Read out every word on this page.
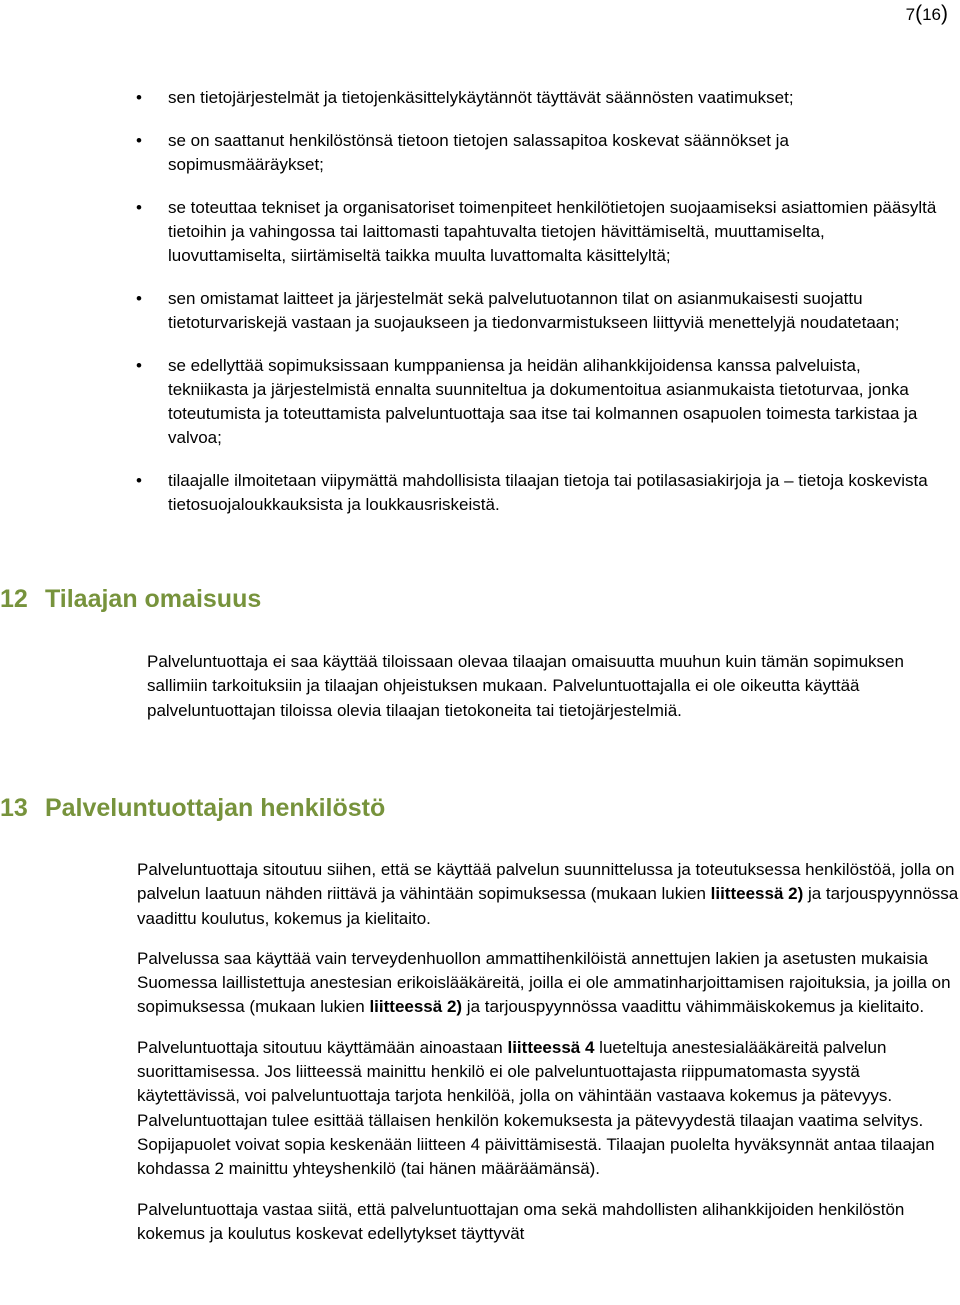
7(16)
• sen tietojärjestelmät ja tietojenkäsittelykäytännöt täyttävät säännösten vaatimukset;
• se on saattanut henkilöstönsä tietoon tietojen salassapitoa koskevat säännökset ja sopimusmääräykset;
• se toteuttaa tekniset ja organisatoriset toimenpiteet henkilötietojen suojaamiseksi asiattomien pääsyltä tietoihin ja vahingossa tai laittomasti tapahtuvalta tietojen hävittämiseltä, muuttamiselta, luovuttamiselta, siirtämiseltä taikka muulta luvattomalta käsittelyltä;
• sen omistamat laitteet ja järjestelmät sekä palvelutuotannon tilat on asianmukaisesti suojattu tietoturvariskejä vastaan ja suojaukseen ja tiedonvarmistukseen liittyviä menettelyjä noudatetaan;
• se edellyttää sopimuksissaan kumppaniensa ja heidän alihankkijoidensa kanssa palveluista, tekniikasta ja järjestelmistä ennalta suunniteltua ja dokumentoitua asianmukaista tietoturvaa, jonka toteutumista ja toteuttamista palveluntuottaja saa itse tai kolmannen osapuolen toimesta tarkistaa ja valvoa;
• tilaajalle ilmoitetaan viipymättä mahdollisista tilaajan tietoja tai potilasasiakirjoja ja – tietoja koskevista tietosuojaloukkauksista ja loukkausriskeistä.
12 Tilaajan omaisuus

Palveluntuottaja ei saa käyttää tiloissaan olevaa tilaajan omaisuutta muuhun kuin tämän sopimuksen sallimiin tarkoituksiin ja tilaajan ohjeistuksen mukaan. Palveluntuottajalla ei ole oikeutta käyttää palveluntuottajan tiloissa olevia tilaajan tietokoneita tai tietojärjestelmiä.

13 Palveluntuottajan henkilöstö

Palveluntuottaja sitoutuu siihen, että se käyttää palvelun suunnittelussa ja toteutuksessa henkilöstöä, jolla on palvelun laatuun nähden riittävä ja vähintään sopimuksessa (mukaan lukien liitteessä 2) ja tarjouspyynnössa vaadittu koulutus, kokemus ja kielitaito.

Palvelussa saa käyttää vain terveydenhuollon ammattihenkilöistä annettujen lakien ja asetusten mukaisia Suomessa laillistettuja anestesian erikoislääkäreitä, joilla ei ole ammatinharjoittamisen rajoituksia, ja joilla on sopimuksessa (mukaan lukien liitteessä 2) ja tarjouspyynnössa vaadittu vähimmäiskokemus ja kielitaito.

Palveluntuottaja sitoutuu käyttämään ainoastaan liitteessä 4 lueteltuja anestesialääkäreitä palvelun suorittamisessa. Jos liitteessä mainittu henkilö ei ole palveluntuottajasta riippumatomasta syystä käytettävissä, voi palveluntuottaja tarjota henkilöä, jolla on vähintään vastaava kokemus ja pätevyys. Palveluntuottajan tulee esittää tällaisen henkilön kokemuksesta ja pätevyydestä tilaajan vaatima selvitys. Sopijapuolet voivat sopia keskenään liitteen 4 päivittämisestä. Tilaajan puolelta hyväksynnät antaa tilaajan kohdassa 2 mainittu yhteyshenkilö (tai hänen määräämänsä).

Palveluntuottaja vastaa siitä, että palveluntuottajan oma sekä mahdollisten alihankkijoiden henkilöstön kokemus ja koulutus koskevat edellytykset täyttyvät
